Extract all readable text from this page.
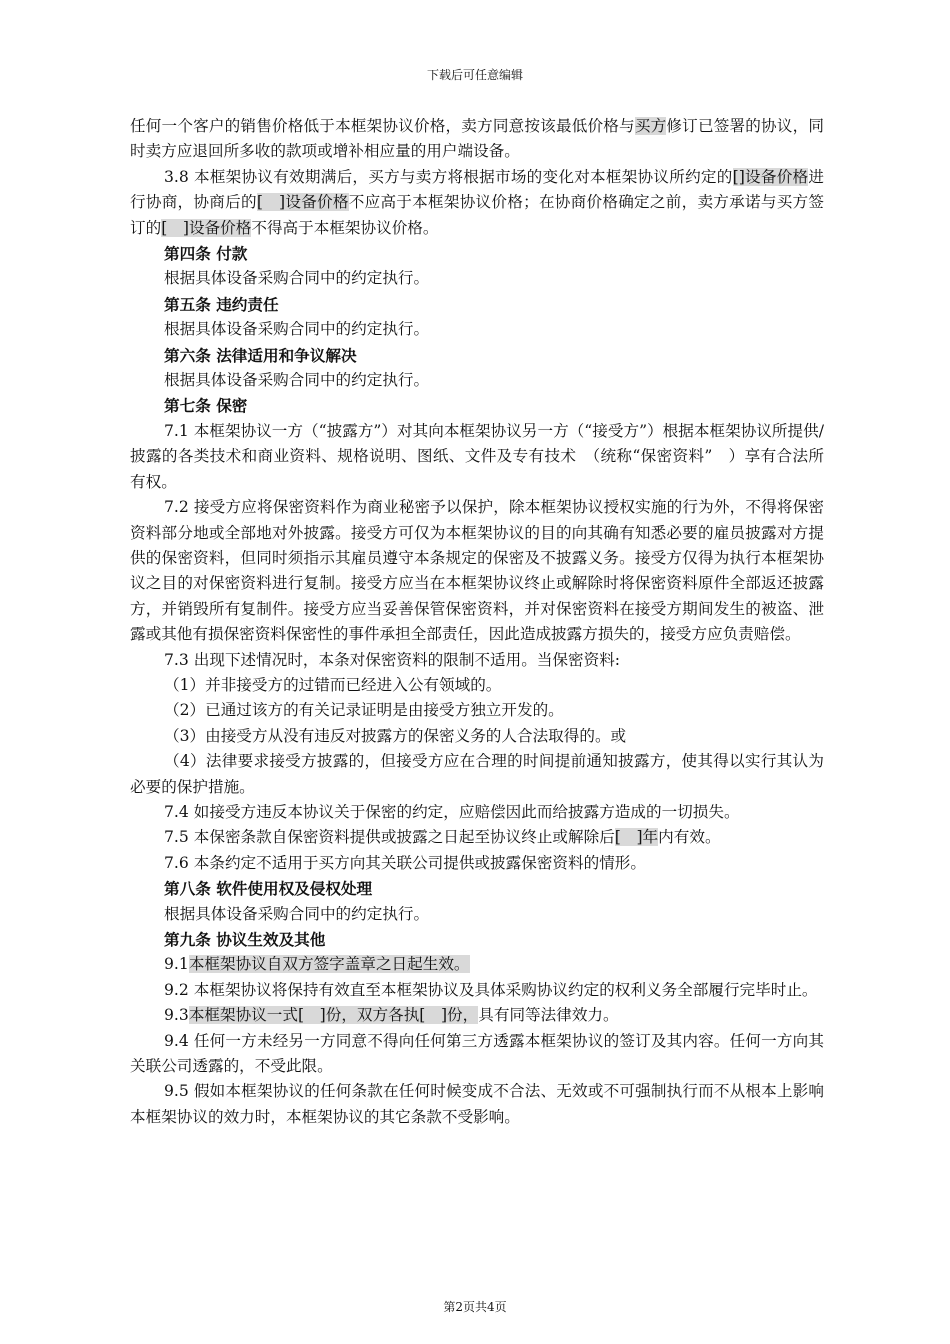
下载后可任意编辑

任何一个客户的销售价格低于本框架协议价格，卖方同意按该最低价格与买方修订已签署的协议，同时卖方应退回所多收的款项或增补相应量的用户端设备。

3.8 本框架协议有效期满后，买方与卖方将根据市场的变化对本框架协议所约定的[]设备价格进行协商，协商后的[　]设备价格不应高于本框架协议价格；在协商价格确定之前，卖方承诺与买方签订的[　]设备价格不得高于本框架协议价格。

第四条 付款

根据具体设备采购合同中的约定执行。

第五条 违约责任

根据具体设备采购合同中的约定执行。

第六条 法律适用和争议解决

根据具体设备采购合同中的约定执行。

第七条 保密

7.1 本框架协议一方（“披露方”）对其向本框架协议另一方（“接受方”）根据本框架协议所提供/披露的各类技术和商业资料、规格说明、图纸、文件及专有技术　（统称“保密资料”　）享有合法所有权。

7.2 接受方应将保密资料作为商业秘密予以保护，除本框架协议授权实施的行为外，不得将保密资料部分地或全部地对外披露。接受方可仅为本框架协议的目的向其确有知悉必要的雇员披露对方提供的保密资料，但同时须指示其雇员遵守本条规定的保密及不披露义务。接受方仅得为执行本框架协议之目的对保密资料进行复制。接受方应当在本框架协议终止或解除时将保密资料原件全部返还披露方，并销毁所有复制件。接受方应当妥善保管保密资料，并对保密资料在接受方期间发生的被盗、泄露或其他有损保密资料保密性的事件承担全部责任，因此造成披露方损失的，接受方应负责赔偿。

7.3 出现下述情况时，本条对保密资料的限制不适用。当保密资料:

（1）并非接受方的过错而已经进入公有领域的。

（2）已通过该方的有关记录证明是由接受方独立开发的。

（3）由接受方从没有违反对披露方的保密义务的人合法取得的。或

（4）法律要求接受方披露的，但接受方应在合理的时间提前通知披露方，使其得以实行其认为必要的保护措施。

7.4 如接受方违反本协议关于保密的约定，应赔偿因此而给披露方造成的一切损失。

7.5 本保密条款自保密资料提供或披露之日起至协议终止或解除后[　]年内有效。

7.6 本条约定不适用于买方向其关联公司提供或披露保密资料的情形。

第八条 软件使用权及侵权处理

根据具体设备采购合同中的约定执行。

第九条 协议生效及其他

9.1本框架协议自双方签字盖章之日起生效。

9.2 本框架协议将保持有效直至本框架协议及具体采购协议约定的权利义务全部履行完毕时止。

9.3本框架协议一式[　]份，双方各执[　]份，具有同等法律效力。

9.4 任何一方未经另一方同意不得向任何第三方透露本框架协议的签订及其内容。任何一方向其关联公司透露的，不受此限。

9.5 假如本框架协议的任何条款在任何时候变成不合法、无效或不可强制执行而不从根本上影响本框架协议的效力时，本框架协议的其它条款不受影响。

第2页共4页
